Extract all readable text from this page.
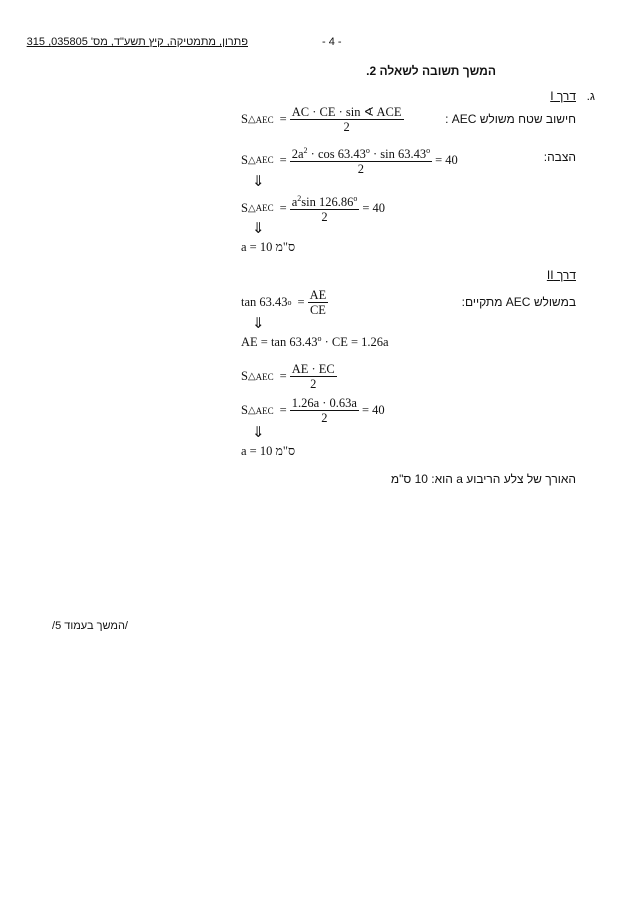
פתרון, מתמטיקה, קיץ תשע"ד, מס' 035805, 315	- 4 -
המשך תשובה לשאלה 2.
ג.
דרך I
חישוב שטח משולש AEC :
הצבה:
S △ AEC = $\frac{\text{AC · CE · sin ∢ ACE}}{2}$
S △ AEC = $\frac{2a^2 \cdot \cos 63.43^o \cdot \sin 63.43^o}{2} = 40$
⇓
S △ AEC = $\frac{a^2\sin 126.86^o}{2} = 40$
⇓
a = 10 ס"מ
דרך II
במשולש AEC מתקיים:
tan 63.43 $o = \frac{AE}{CE}$
⇓
AE = $\tan 63.43^o$ · CE = 1.26a
S △ AEC = $\frac{AE \cdot EC}{2}$
S △ AEC = $\frac{1.26a \cdot 0.63a}{2} = 40$
⇓
a = 10 ס"מ
האורך של צלע הריבוע a הוא: 10 ס"מ
/המשך בעמוד 5/
